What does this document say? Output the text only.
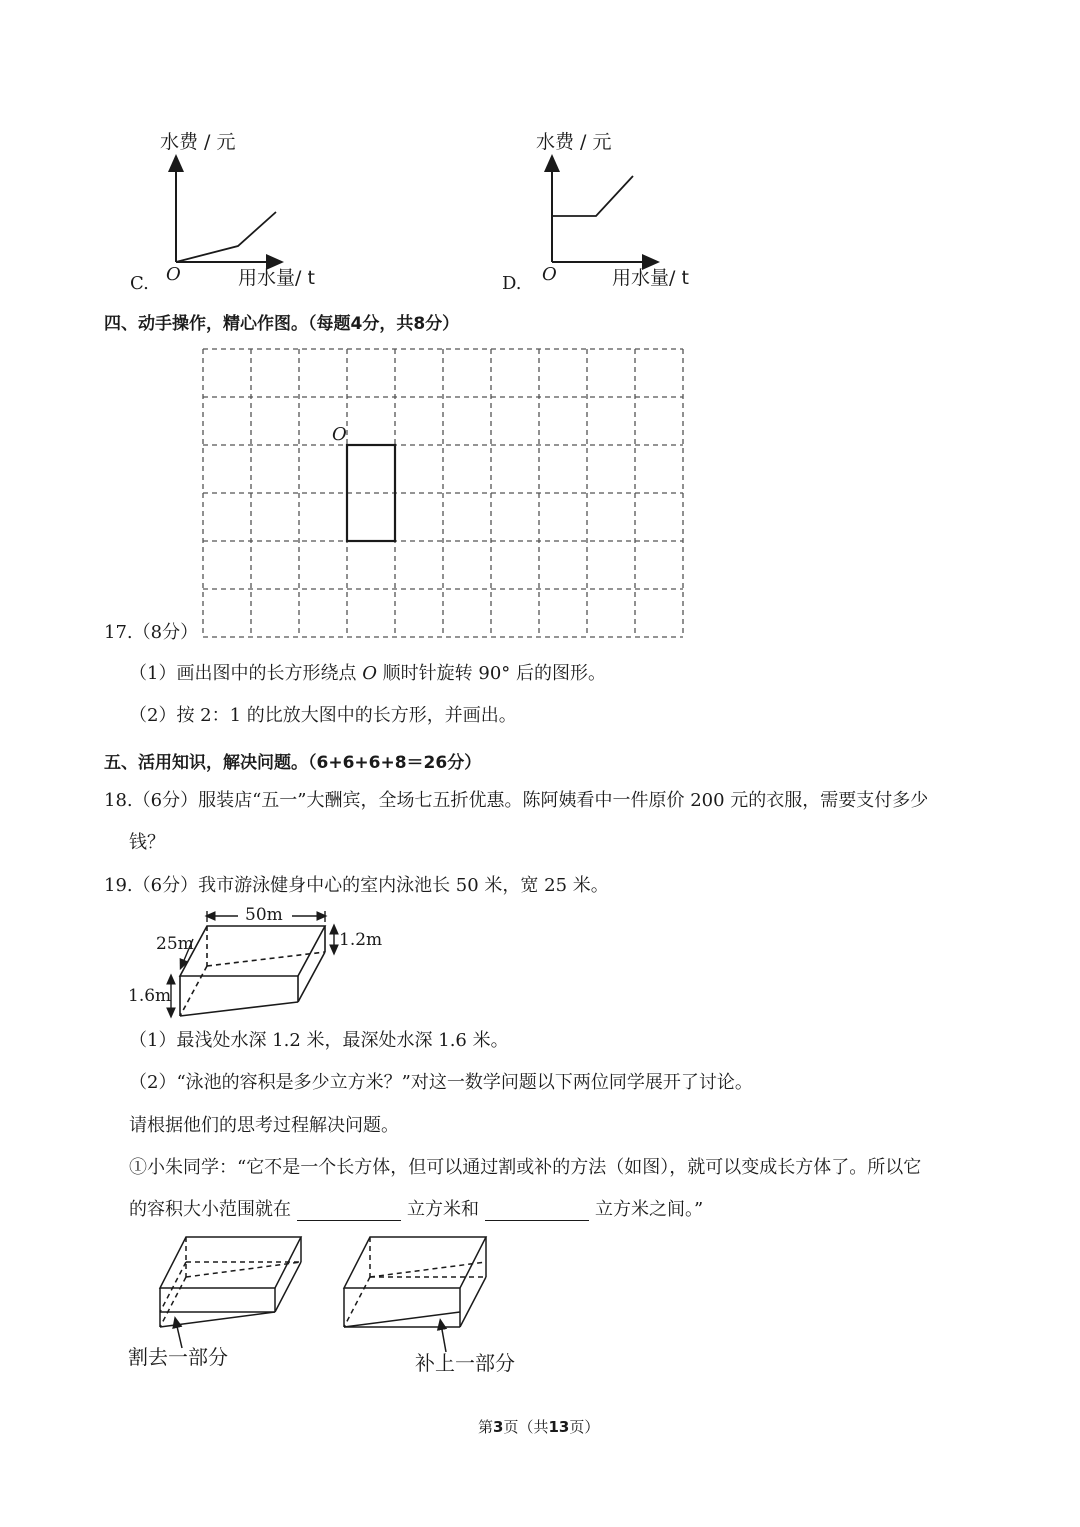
水费 / 元
用水量/ t
O
C.
水费 / 元
用水量/ t
O
D.
四、动手操作，精心作图。（每题4分，共8分）
O
17.（8分）
（1）画出图中的长方形绕点 O 顺时针旋转 90° 后的图形。
（2）按 2：1 的比放大图中的长方形，并画出。
五、活用知识，解决问题。（6+6+6+8＝26分）
18.（6分）服装店“五一”大酬宾，全场七五折优惠。陈阿姨看中一件原价 200 元的衣服，需要支付多少
钱？
19.（6分）我市游泳健身中心的室内泳池长 50 米，宽 25 米。
50m
25m	1.2m
1.6m
（1）最浅处水深 1.2 米，最深处水深 1.6 米。
（2）“泳池的容积是多少立方米？”对这一数学问题以下两位同学展开了讨论。
请根据他们的思考过程解决问题。
①小朱同学：“它不是一个长方体，但可以通过割或补的方法（如图），就可以变成长方体了。所以它
的容积大小范围就在	立方米和	立方米之间。”
割去一部分	补上一部分
第3页（共13页）
